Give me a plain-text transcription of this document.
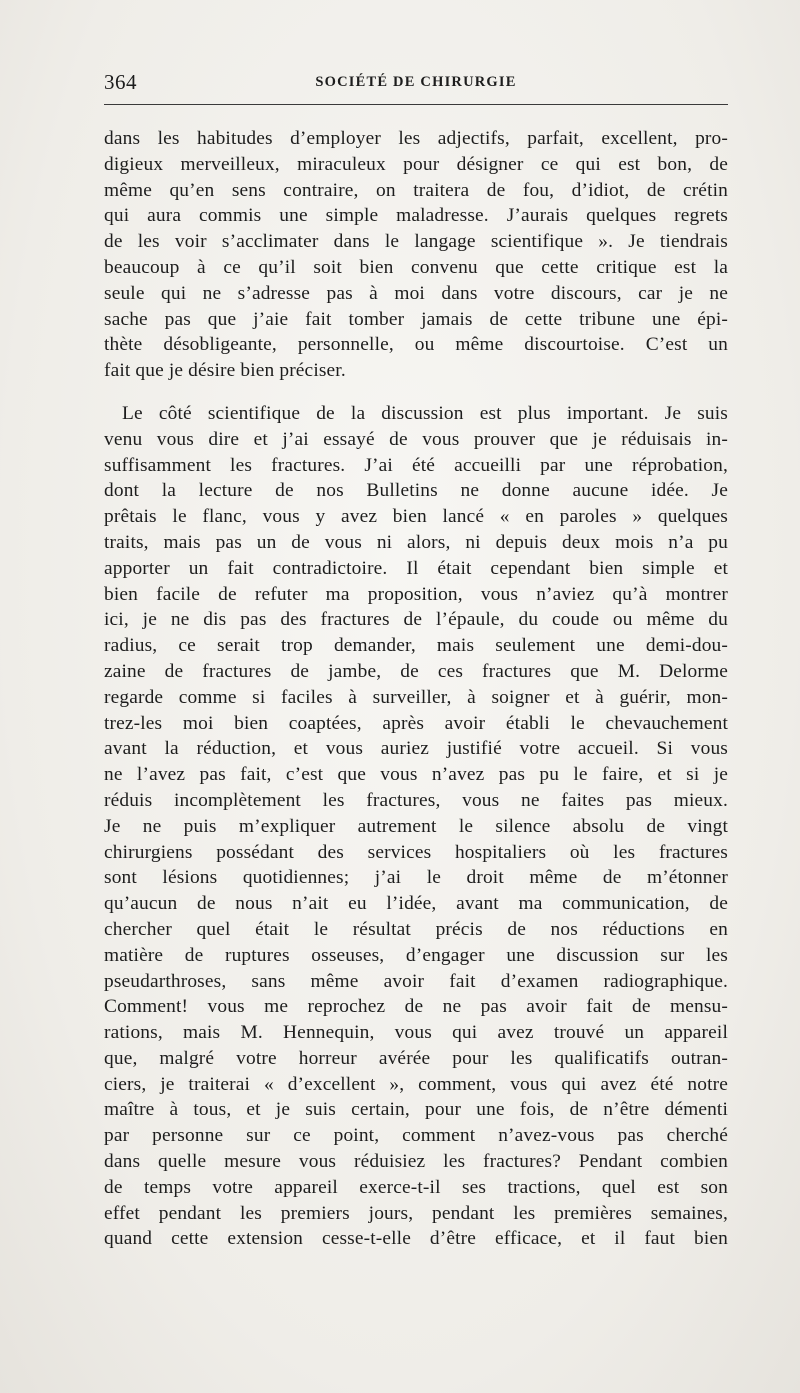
364	SOCIÉTÉ DE CHIRURGIE

dans les habitudes d’employer les adjectifs, parfait, excellent, pro-
digieux merveilleux, miraculeux pour désigner ce qui est bon, de
même qu’en sens contraire, on traitera de fou, d’idiot, de crétin
qui aura commis une simple maladresse. J’aurais quelques regrets
de les voir s’acclimater dans le langage scientifique ». Je tiendrais
beaucoup à ce qu’il soit bien convenu que cette critique est la
seule qui ne s’adresse pas à moi dans votre discours, car je ne
sache pas que j’aie fait tomber jamais de cette tribune une épi-
thète désobligeante, personnelle, ou même discourtoise. C’est un
fait que je désire bien préciser.

Le côté scientifique de la discussion est plus important. Je suis
venu vous dire et j’ai essayé de vous prouver que je réduisais in-
suffisamment les fractures. J’ai été accueilli par une réprobation,
dont la lecture de nos Bulletins ne donne aucune idée. Je
prêtais le flanc, vous y avez bien lancé « en paroles » quelques
traits, mais pas un de vous ni alors, ni depuis deux mois n’a pu
apporter un fait contradictoire. Il était cependant bien simple et
bien facile de refuter ma proposition, vous n’aviez qu’à montrer
ici, je ne dis pas des fractures de l’épaule, du coude ou même du
radius, ce serait trop demander, mais seulement une demi-dou-
zaine de fractures de jambe, de ces fractures que M. Delorme
regarde comme si faciles à surveiller, à soigner et à guérir, mon-
trez-les moi bien coaptées, après avoir établi le chevauchement
avant la réduction, et vous auriez justifié votre accueil. Si vous
ne l’avez pas fait, c’est que vous n’avez pas pu le faire, et si je
réduis incomplètement les fractures, vous ne faites pas mieux.
Je ne puis m’expliquer autrement le silence absolu de vingt
chirurgiens possédant des services hospitaliers où les fractures
sont lésions quotidiennes; j’ai le droit même de m’étonner
qu’aucun de nous n’ait eu l’idée, avant ma communication, de
chercher quel était le résultat précis de nos réductions en
matière de ruptures osseuses, d’engager une discussion sur les
pseudarthroses, sans même avoir fait d’examen radiographique.
Comment! vous me reprochez de ne pas avoir fait de mensu-
rations, mais M. Hennequin, vous qui avez trouvé un appareil
que, malgré votre horreur avérée pour les qualificatifs outran-
ciers, je traiterai « d’excellent », comment, vous qui avez été notre
maître à tous, et je suis certain, pour une fois, de n’être démenti
par personne sur ce point, comment n’avez-vous pas cherché
dans quelle mesure vous réduisiez les fractures? Pendant combien
de temps votre appareil exerce-t-il ses tractions, quel est son
effet pendant les premiers jours, pendant les premières semaines,
quand cette extension cesse-t-elle d’être efficace, et il faut bien
